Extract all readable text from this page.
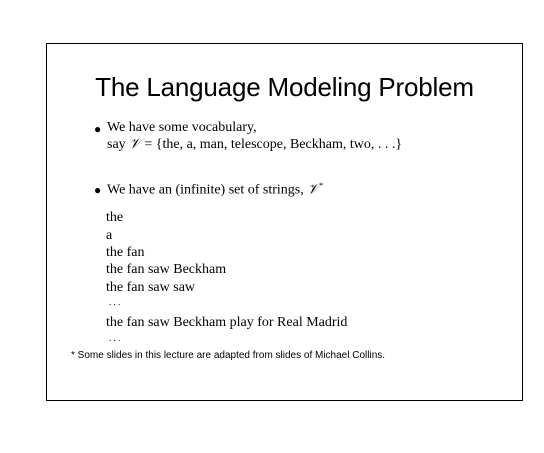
The Language Modeling Problem
● We have some vocabulary,
say 𝒱 = {the, a, man, telescope, Beckham, two, . . .}
● We have an (infinite) set of strings, 𝒱*
the
a
the fan
the fan saw Beckham
the fan saw saw
. . .
the fan saw Beckham play for Real Madrid
. . .
* Some slides in this lecture are adapted from slides of Michael Collins.
